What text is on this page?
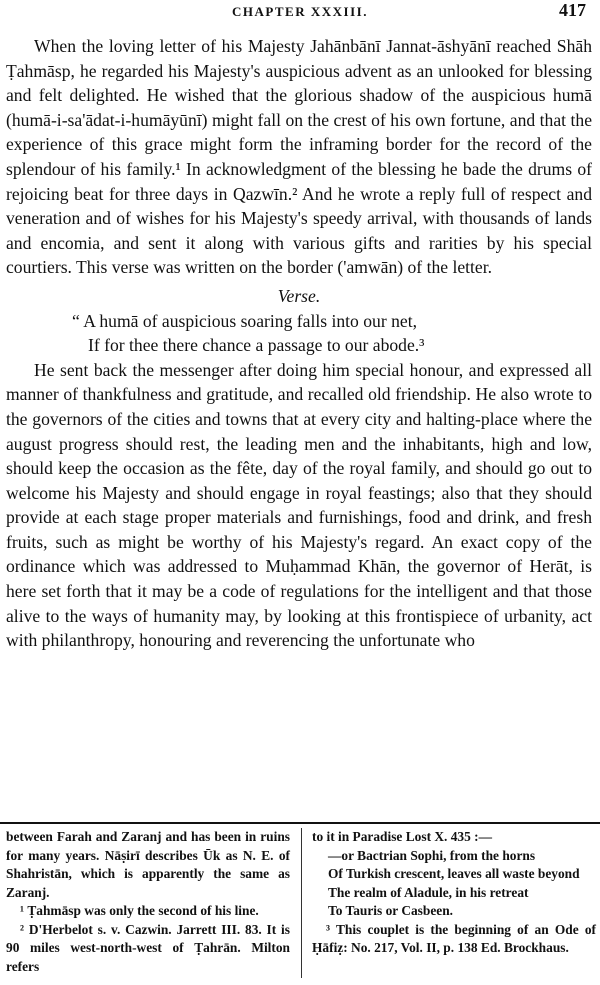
CHAPTER XXXIII.	417

When the loving letter of his Majesty Jahānbānī Jannat-āshyānī reached Shāh Ṭahmāsp, he regarded his Majesty's auspicious advent as an unlooked for blessing and felt delighted. He wished that the glorious shadow of the auspicious humā (humā-i-sa'ādat-i-humāyūnī) might fall on the crest of his own fortune, and that the experience of this grace might form the inframing border for the record of the splendour of his family.¹ In acknowledgment of the blessing he bade the drums of rejoicing beat for three days in Qazwīn.² And he wrote a reply full of respect and veneration and of wishes for his Majesty's speedy arrival, with thousands of lands and encomia, and sent it along with various gifts and rarities by his special courtiers. This verse was written on the border ('amwān) of the letter.

Verse.

“ A humā of auspicious soaring falls into our net,

If for thee there chance a passage to our abode.³

He sent back the messenger after doing him special honour, and expressed all manner of thankfulness and gratitude, and recalled old friendship. He also wrote to the governors of the cities and towns that at every city and halting-place where the august progress should rest, the leading men and the inhabitants, high and low, should keep the occasion as the fête, day of the royal family, and should go out to welcome his Majesty and should engage in royal feastings; also that they should provide at each stage proper materials and furnishings, food and drink, and fresh fruits, such as might be worthy of his Majesty's regard. An exact copy of the ordinance which was addressed to Muḥammad Khān, the governor of Herāt, is here set forth that it may be a code of regulations for the intelligent and that those alive to the ways of humanity may, by looking at this frontispiece of urbanity, act with philanthropy, honouring and reverencing the unfortunate who

between Farah and Zaranj and has been in ruins for many years. Nāṣirī describes Ūk as N. E. of Shahristān, which is apparently the same as Zaranj.

¹ Ṭahmāsp was only the second of his line.

² D'Herbelot s. v. Cazwin. Jarrett III. 83. It is 90 miles west-north-west of Ṭahrān. Milton refers

to it in Paradise Lost X. 435 :—

—or Bactrian Sophi, from the horns

Of Turkish crescent, leaves all waste beyond

The realm of Aladule, in his retreat

To Tauris or Casbeen.

³ This couplet is the beginning of an Ode of Ḥāfiẓ: No. 217, Vol. II, p. 138 Ed. Brockhaus.
